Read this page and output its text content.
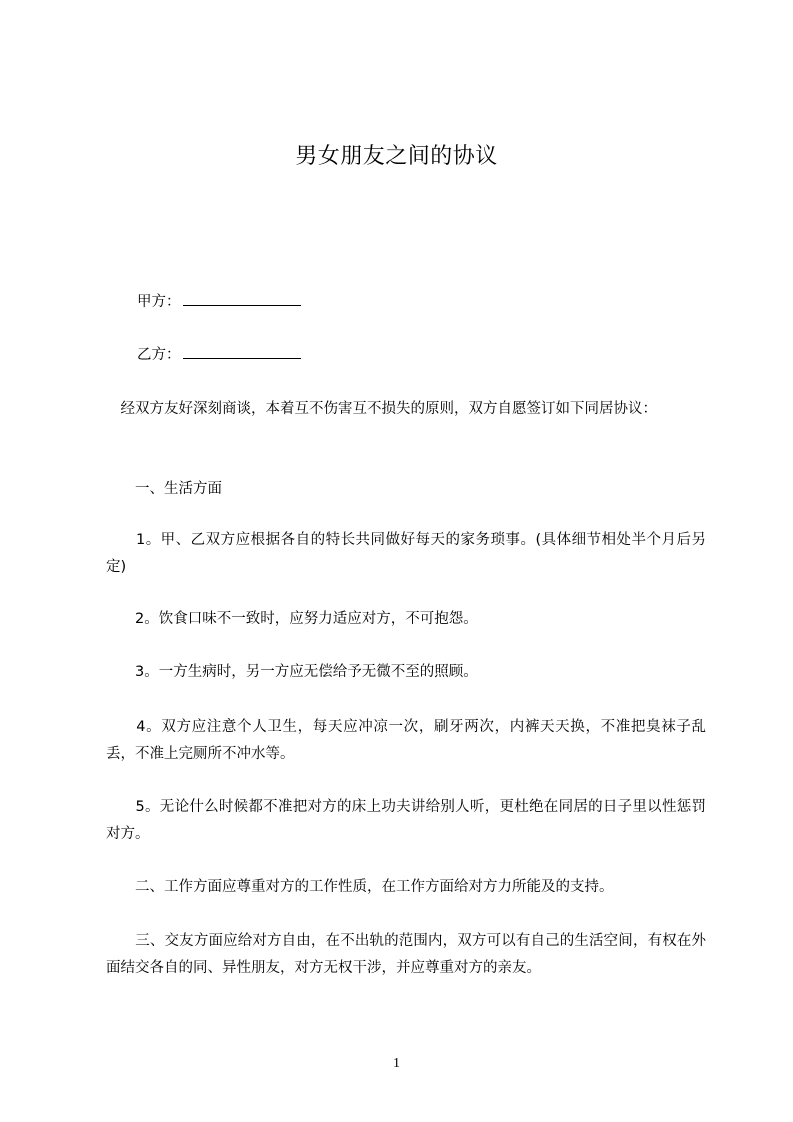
男女朋友之间的协议
甲方：
乙方：
　经双方友好深刻商谈，本着互不伤害互不损失的原则，双方自愿签订如下同居协议：
　　一、生活方面
　　1。甲、乙双方应根据各自的特长共同做好每天的家务琐事。(具体细节相处半个月后另定)
　　2。饮食口味不一致时，应努力适应对方，不可抱怨。
　　3。一方生病时，另一方应无偿给予无微不至的照顾。
　　4。双方应注意个人卫生，每天应冲凉一次，刷牙两次，内裤天天换，不准把臭袜子乱丢，不准上完厕所不冲水等。
　　5。无论什么时候都不准把对方的床上功夫讲给别人听，更杜绝在同居的日子里以性惩罚对方。
　　二、工作方面应尊重对方的工作性质，在工作方面给对方力所能及的支持。
　　三、交友方面应给对方自由，在不出轨的范围内，双方可以有自己的生活空间，有权在外面结交各自的同、异性朋友，对方无权干涉，并应尊重对方的亲友。
1
